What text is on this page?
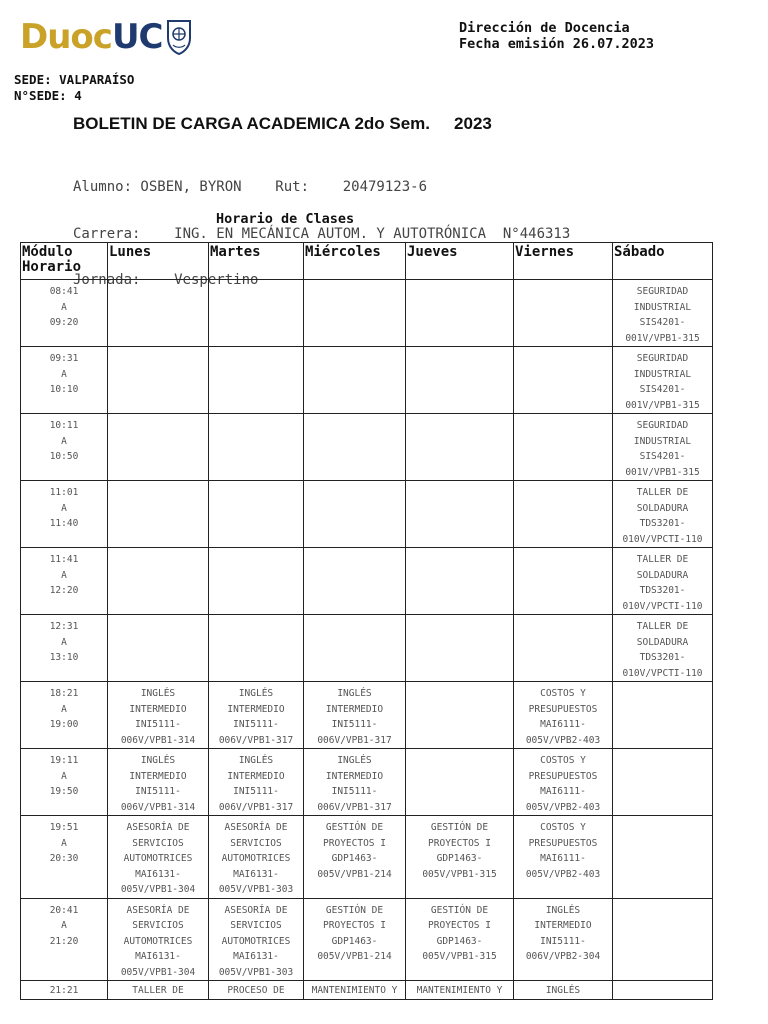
Duoc UC	Dirección de Docencia
Fecha emisión 26.07.2023
SEDE: VALPARAÍSO
N°SEDE: 4
BOLETIN DE CARGA ACADEMICA 2do Sem. 2023

Alumno: OSBEN, BYRON    Rut:    20479123-6

Carrera:    ING. EN MECÁNICA AUTOM. Y AUTOTRÓNICA  N°446313

Jornada:    Vespertino

Horario de Clases
Módulo Horario	Lunes	Martes	Miércoles	Jueves	Viernes	Sábado

08:41
A
09:20						SEGURIDAD
INDUSTRIAL
SIS4201-
001V/VPB1-315

09:31
A
10:10						SEGURIDAD
INDUSTRIAL
SIS4201-
001V/VPB1-315

10:11
A
10:50						SEGURIDAD
INDUSTRIAL
SIS4201-
001V/VPB1-315

11:01
A
11:40						TALLER DE
SOLDADURA
TDS3201-
010V/VPCTI-110

11:41
A
12:20						TALLER DE
SOLDADURA
TDS3201-
010V/VPCTI-110

12:31
A
13:10						TALLER DE
SOLDADURA
TDS3201-
010V/VPCTI-110

18:21
A
19:00	INGLÉS
INTERMEDIO
INI5111-
006V/VPB1-314	INGLÉS
INTERMEDIO
INI5111-
006V/VPB1-317	INGLÉS
INTERMEDIO
INI5111-
006V/VPB1-317		COSTOS Y
PRESUPUESTOS
MAI6111-
005V/VPB2-403	

19:11
A
19:50	INGLÉS
INTERMEDIO
INI5111-
006V/VPB1-314	INGLÉS
INTERMEDIO
INI5111-
006V/VPB1-317	INGLÉS
INTERMEDIO
INI5111-
006V/VPB1-317		COSTOS Y
PRESUPUESTOS
MAI6111-
005V/VPB2-403	

19:51
A
20:30	ASESORÍA DE
SERVICIOS
AUTOMOTRICES
MAI6131-
005V/VPB1-304	ASESORÍA DE
SERVICIOS
AUTOMOTRICES
MAI6131-
005V/VPB1-303	GESTIÓN DE
PROYECTOS I
GDP1463-
005V/VPB1-214	GESTIÓN DE
PROYECTOS I
GDP1463-
005V/VPB1-315	COSTOS Y
PRESUPUESTOS
MAI6111-
005V/VPB2-403	

20:41
A
21:20	ASESORÍA DE
SERVICIOS
AUTOMOTRICES
MAI6131-
005V/VPB1-304	ASESORÍA DE
SERVICIOS
AUTOMOTRICES
MAI6131-
005V/VPB1-303	GESTIÓN DE
PROYECTOS I
GDP1463-
005V/VPB1-214	GESTIÓN DE
PROYECTOS I
GDP1463-
005V/VPB1-315	INGLÉS
INTERMEDIO
INI5111-
006V/VPB2-304	

21:21	TALLER DE	PROCESO DE	MANTENIMIENTO Y	MANTENIMIENTO Y	INGLÉS	
